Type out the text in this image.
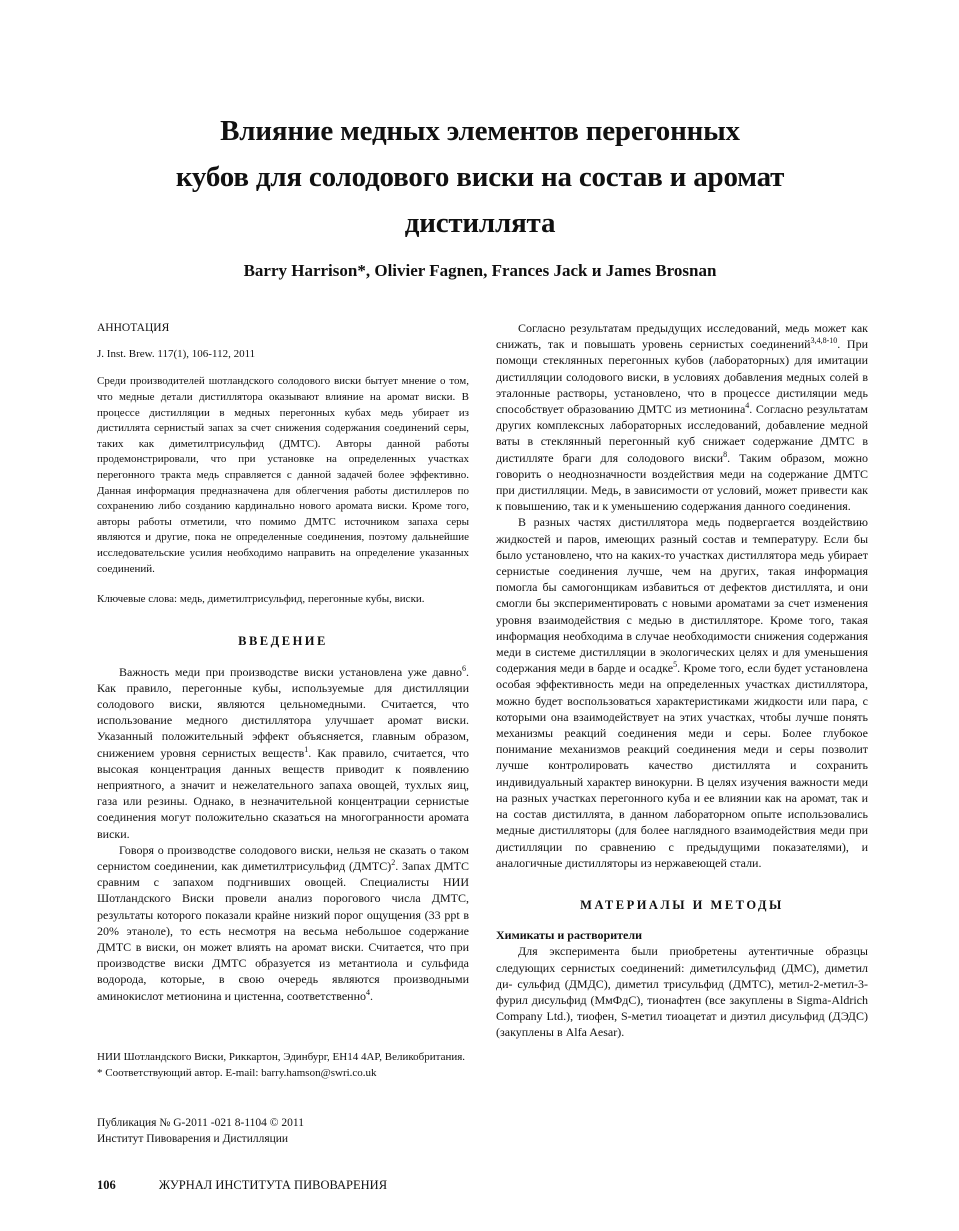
Влияние медных элементов перегонных
кубов для солодового виски на состав и аромат
дистиллята
Barry Harrison*, Olivier Fagnen, Frances Jack и James Brosnan

АННОТАЦИЯ

J. Inst. Brew. 117(1), 106-112, 2011

Среди производителей шотландского солодового виски бытует мнение о том, что медные детали дистиллятора оказывают влияние на аромат виски. В процессе дистилляции в медных перегонных кубах медь убирает из дистиллята сернистый запах за счет снижения содержания соединений серы, таких как диметилтрисульфид (ДМТС). Авторы данной работы продемонстрировали, что при установке на определенных участках перегонного тракта медь справляется с данной задачей более эффективно. Данная информация предназначена для облегчения работы дистиллеров по сохранению либо созданию кардинально нового аромата виски. Кроме того, авторы работы отметили, что помимо ДМТС источником запаха серы являются и другие, пока не определенные соединения, поэтому дальнейшие исследовательские усилия необходимо направить на определение указанных соединений.

Ключевые слова: медь, диметилтрисульфид, перегонные кубы, виски.

ВВЕДЕНИЕ

Важность меди при производстве виски установлена уже давно$^6$. Как правило, перегонные кубы, используемые для дистилляции солодового виски, являются цельномедными. Считается, что использование медного дистиллятора улучшает аромат виски. Указанный положительный эффект объясняется, главным образом, снижением уровня сернистых веществ$^1$. Как правило, считается, что высокая концентрация данных веществ приводит к появлению неприятного, а значит и нежелательного запаха овощей, тухлых яиц, газа или резины. Однако, в незначительной концентрации сернистые соединения могут положительно сказаться на многогранности аромата виски.

Говоря о производстве солодового виски, нельзя не сказать о таком сернистом соединении, как диметилтрисульфид (ДМТС)$^2$. Запах ДМТС сравним с запахом подгнивших овощей. Специалисты НИИ Шотландского Виски провели анализ порогового числа ДМТС, результаты которого показали крайне низкий порог ощущения (33 ppt в 20% этаноле), то есть несмотря на весьма небольшое содержание ДМТС в виски, он может влиять на аромат виски. Считается, что при производстве виски ДМТС образуется из метантиола и сульфида водорода, которые, в свою очередь являются производными аминокислот метионина и цистенна, соответственно$^4$.

НИИ Шотландского Виски, Риккартон, Эдинбург, EH14 4AP, Великобритания.

* Соответствующий автор. E-mail: barry.hamson@swri.co.uk

Публикация № G-2011 -021 8-1104 © 2011

Институт Пивоварения и Дистилляции

Согласно результатам предыдущих исследований, медь может как снижать, так и повышать уровень сернистых соединений$^{3,4,8-10}$. При помощи стеклянных перегонных кубов (лабораторных) для имитации дистилляции солодового виски, в условиях добавления медных солей в эталонные растворы, установлено, что в процессе дистиляции медь способствует образованию ДМТС из метионина$^4$. Согласно результатам других комплексных лабораторных исследований, добавление медной ваты в стеклянный перегонный куб снижает содержание ДМТС в дистилляте браги для солодового виски$^8$. Таким образом, можно говорить о неоднозначности воздействия меди на содержание ДМТС при дистилляции. Медь, в зависимости от условий, может привести как к повышению, так и к уменьшению содержания данного соединения.

В разных частях дистиллятора медь подвергается воздействию жидкостей и паров, имеющих разный состав и температуру. Если бы было установлено, что на каких-то участках дистиллятора медь убирает сернистые соединения лучше, чем на других, такая информация помогла бы самогонщикам избавиться от дефектов дистиллята, и они смогли бы экспериментировать с новыми ароматами за счет изменения уровня взаимодействия с медью в дистилляторе. Кроме того, такая информация необходима в случае необходимости снижения содержания меди в системе дистилляции в экологических целях и для уменьшения содержания меди в барде и осадке$^5$. Кроме того, если будет установлена особая эффективность меди на определенных участках дистиллятора, можно будет воспользоваться характеристиками жидкости или пара, с которыми она взаимодействует на этих участках, чтобы лучше понять механизмы реакций соединения меди и серы. Более глубокое понимание механизмов реакций соединения меди и серы позволит лучше контролировать качество дистиллята и сохранить индивидуальный характер винокурни. В целях изучения важности меди на разных участках перегонного куба и ее влиянии как на аромат, так и на состав дистиллята, в данном лабораторном опыте использовались медные дистилляторы (для более наглядного взаимодействия меди при дистилляции по сравнению с предыдущими показателями), и аналогичные дистилляторы из нержавеющей стали.

МАТЕРИАЛЫ И МЕТОДЫ

Химикаты и растворители

Для эксперимента были приобретены аутентичные образцы следующих сернистых соединений: диметилсульфид (ДМС), диметил ди- сульфид (ДМДС), диметил трисульфид (ДМТС), метил-2-метил-3-фурил дисульфид (МмФдС), тионафтен (все закуплены в Sigma-Aldrich Company Ltd.), тиофен, S-метил тиоацетат и диэтил дисульфид (ДЭДС) (закуплены в Alfa Aesar).

106	ЖУРНАЛ ИНСТИТУТА ПИВОВАРЕНИЯ
